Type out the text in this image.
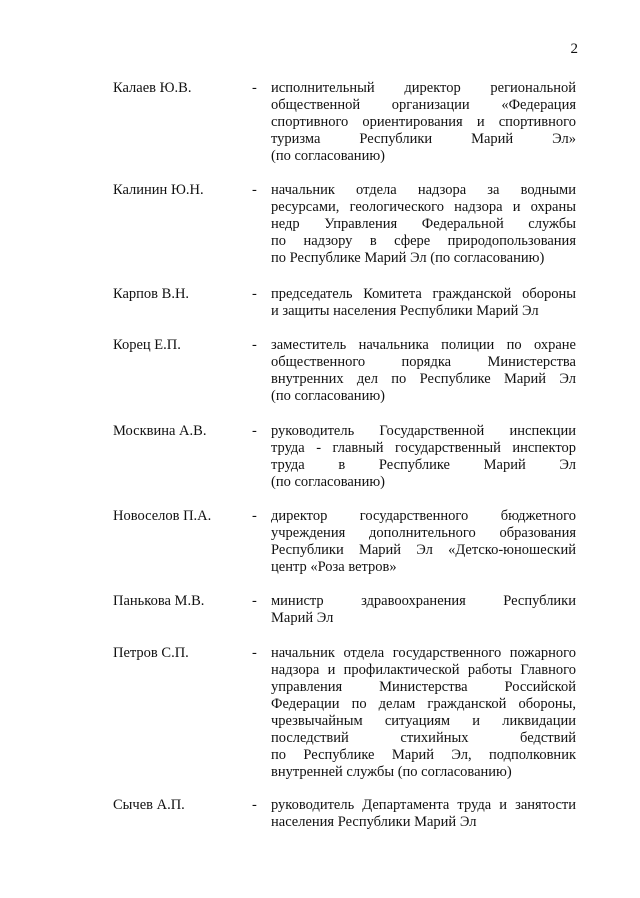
2
Калаев Ю.В.	- исполнительный директор региональной
общественной организации «Федерация
спортивного ориентирования и спортивного
туризма Республики Марий Эл»
(по согласованию)
Калинин Ю.Н.	- начальник отдела надзора за водными
ресурсами, геологического надзора и охраны
недр Управления Федеральной службы
по надзору в сфере природопользования
по Республике Марий Эл (по согласованию)
Карпов В.Н.	- председатель Комитета гражданской обороны
и защиты населения Республики Марий Эл
Корец Е.П.	- заместитель начальника полиции по охране
общественного порядка Министерства
внутренних дел по Республике Марий Эл
(по согласованию)
Москвина А.В.	- руководитель Государственной инспекции
труда - главный государственный инспектор
труда в Республике Марий Эл
(по согласованию)
Новоселов П.А.	- директор государственного бюджетного
учреждения дополнительного образования
Республики Марий Эл «Детско-юношеский
центр «Роза ветров»
Панькова М.В.	- министр здравоохранения Республики
Марий Эл
Петров С.П.	- начальник отдела государственного пожарного
надзора и профилактической работы Главного
управления Министерства Российской
Федерации по делам гражданской обороны,
чрезвычайным ситуациям и ликвидации
последствий стихийных бедствий
по Республике Марий Эл, подполковник
внутренней службы (по согласованию)
Сычев А.П.	- руководитель Департамента труда и занятости
населения Республики Марий Эл
